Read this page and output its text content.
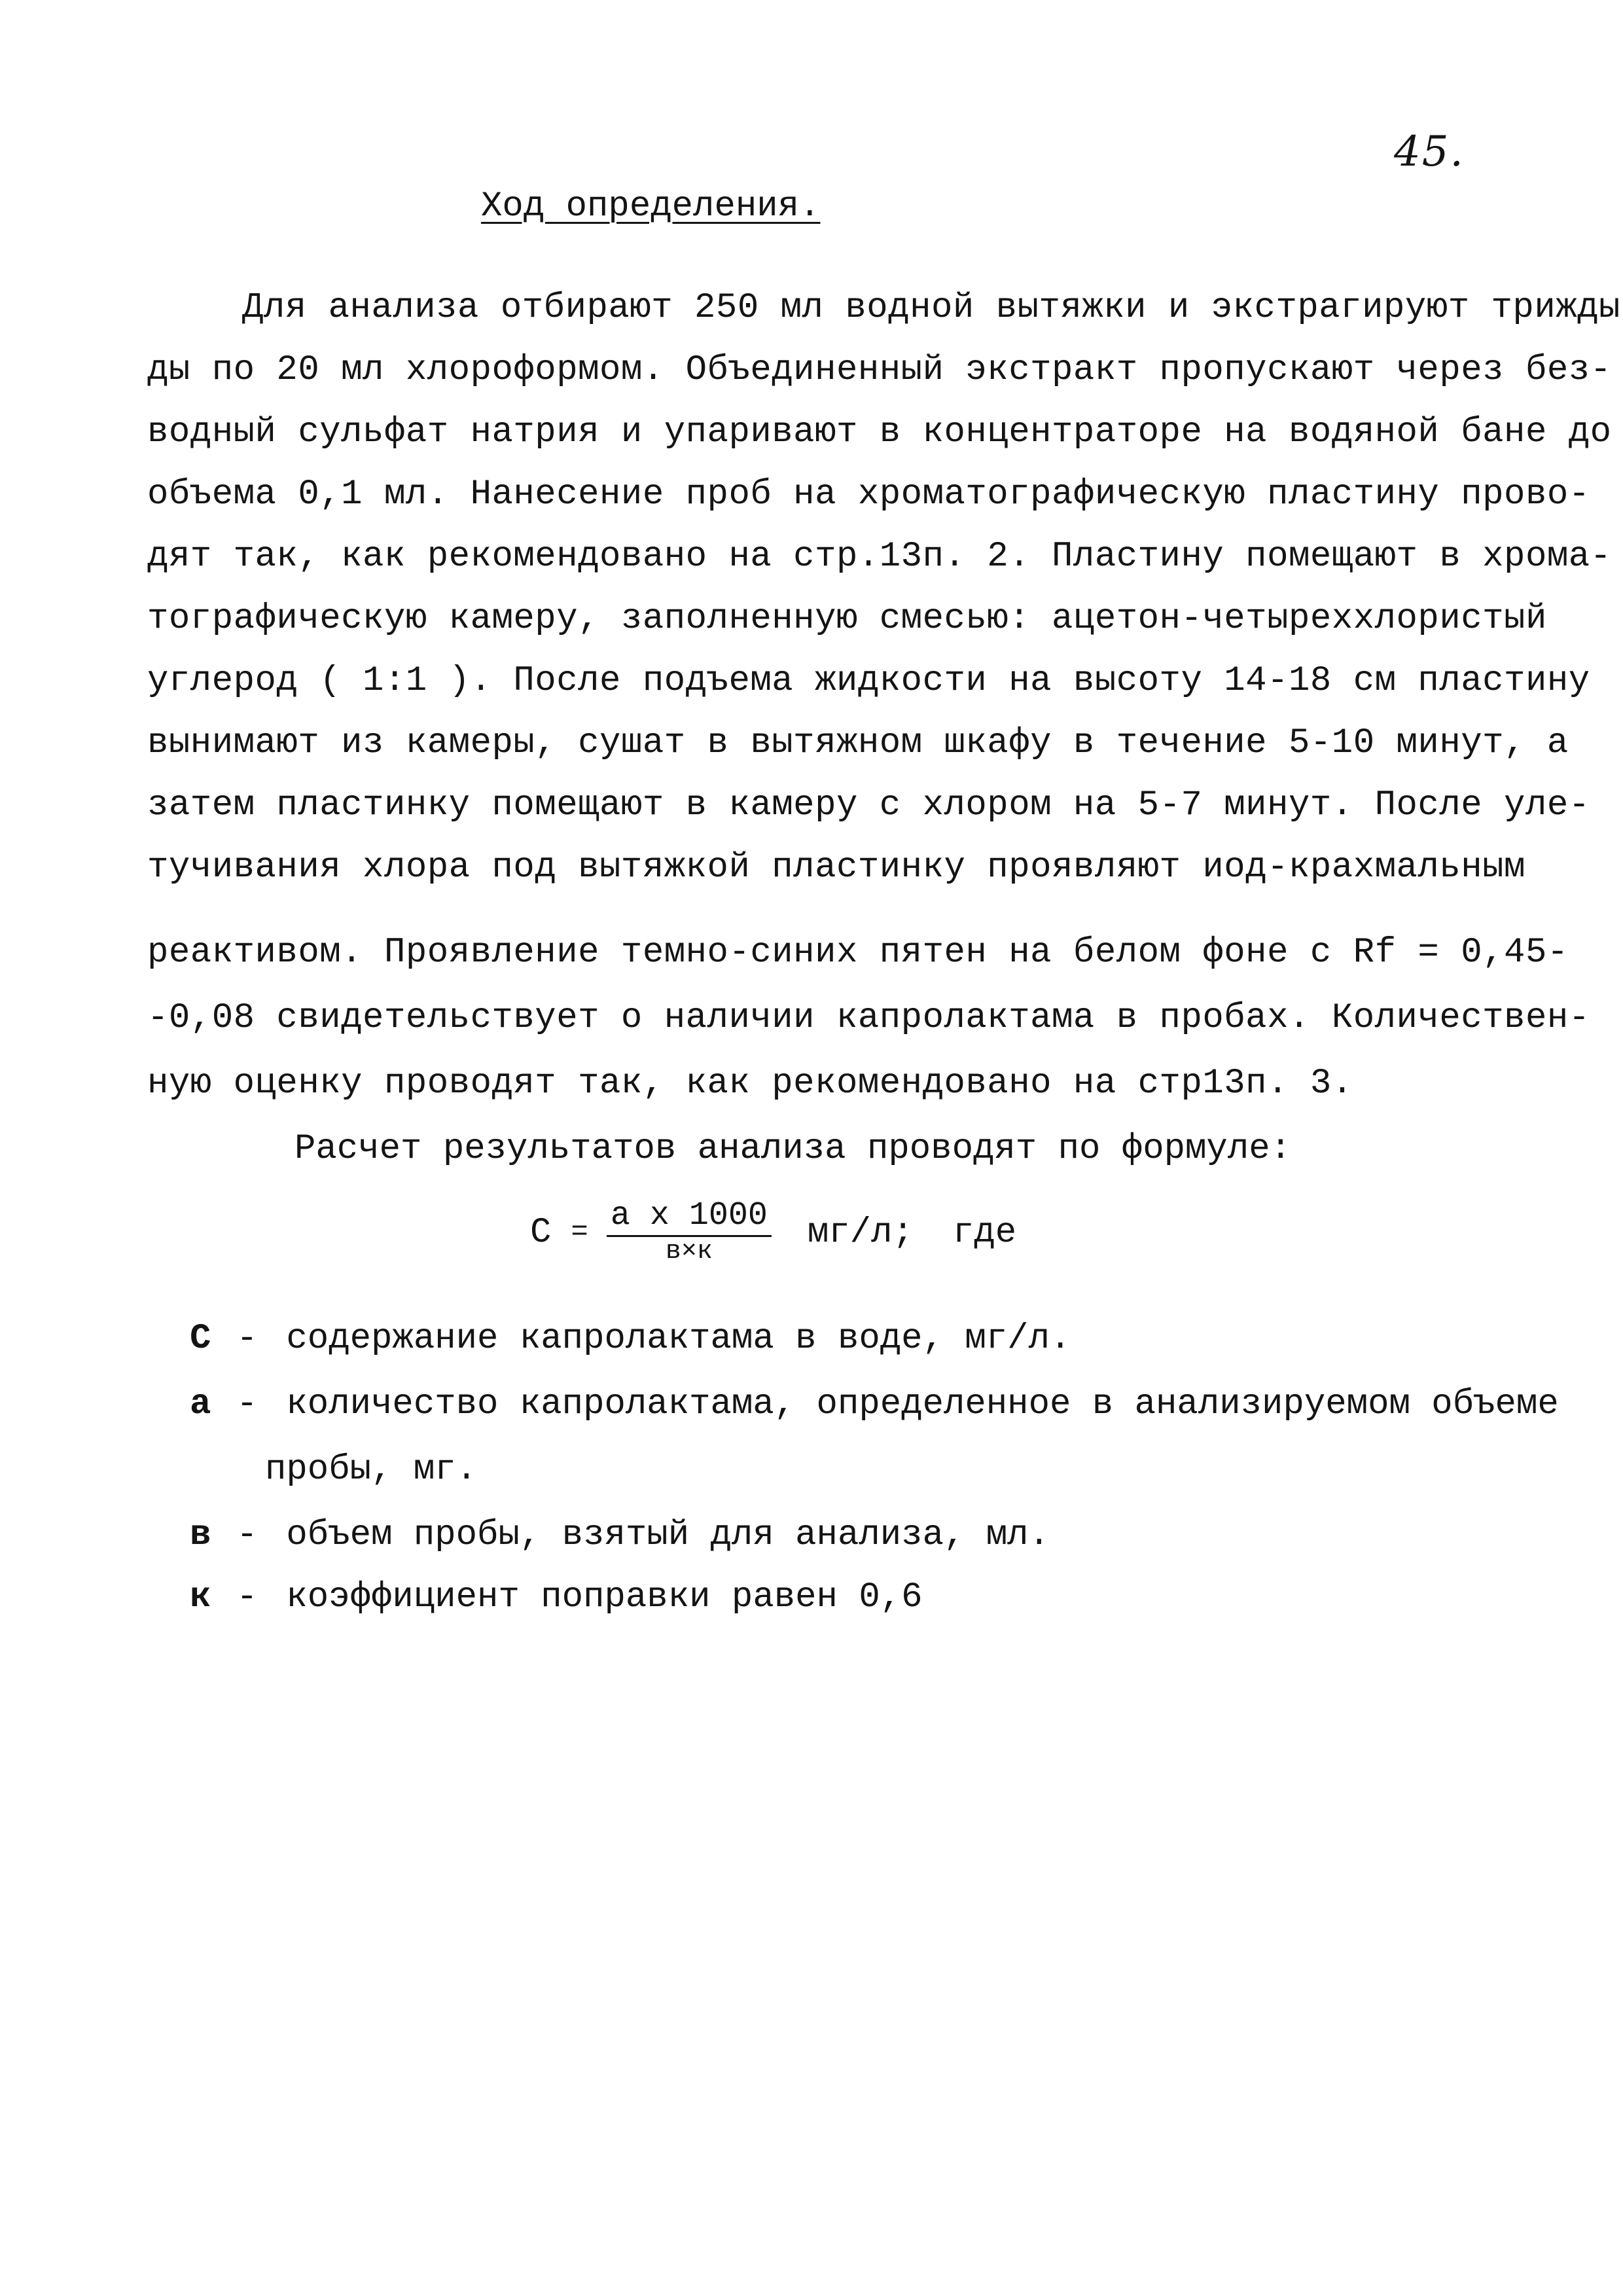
45.
Ход определения.
Для анализа отбирают 250 мл водной вытяжки и экстрагируют трижды
ды по 20 мл хлороформом. Объединенный экстракт пропускают через без-
водный сульфат натрия и упаривают в концентраторе на водяной бане до
объема 0,1 мл. Нанесение проб на хроматографическую пластину прово-
дят так, как рекомендовано на стр.13п. 2. Пластину помещают в хрома-
тографическую камеру, заполненную смесью: ацетон-четыреххлористый
углерод ( 1:1 ). После подъема жидкости на высоту 14-18 см пластину
вынимают из камеры, сушат в вытяжном шкафу в течение 5-10 минут, а
затем пластинку помещают в камеру с хлором на 5-7 минут. После уле-
тучивания хлора под вытяжкой пластинку проявляют иод-крахмальным
реактивом. Проявление темно-синих пятен на белом фоне с Rf = 0,45-
-0,08 свидетельствует о наличии капролактама в пробах. Количествен-
ную оценку проводят так, как рекомендовано на стр13п. 3.
Расчет результатов анализа проводят по формуле:
$С = \frac{\text{а х 1000}}{в\times к} мг/л$; где
С - содержание капролактама в воде, мг/л.
а - количество капролактама, определенное в анализируемом объеме
пробы, мг.
в - объем пробы, взятый для анализа, мл.
к - коэффициент поправки равен 0,6
